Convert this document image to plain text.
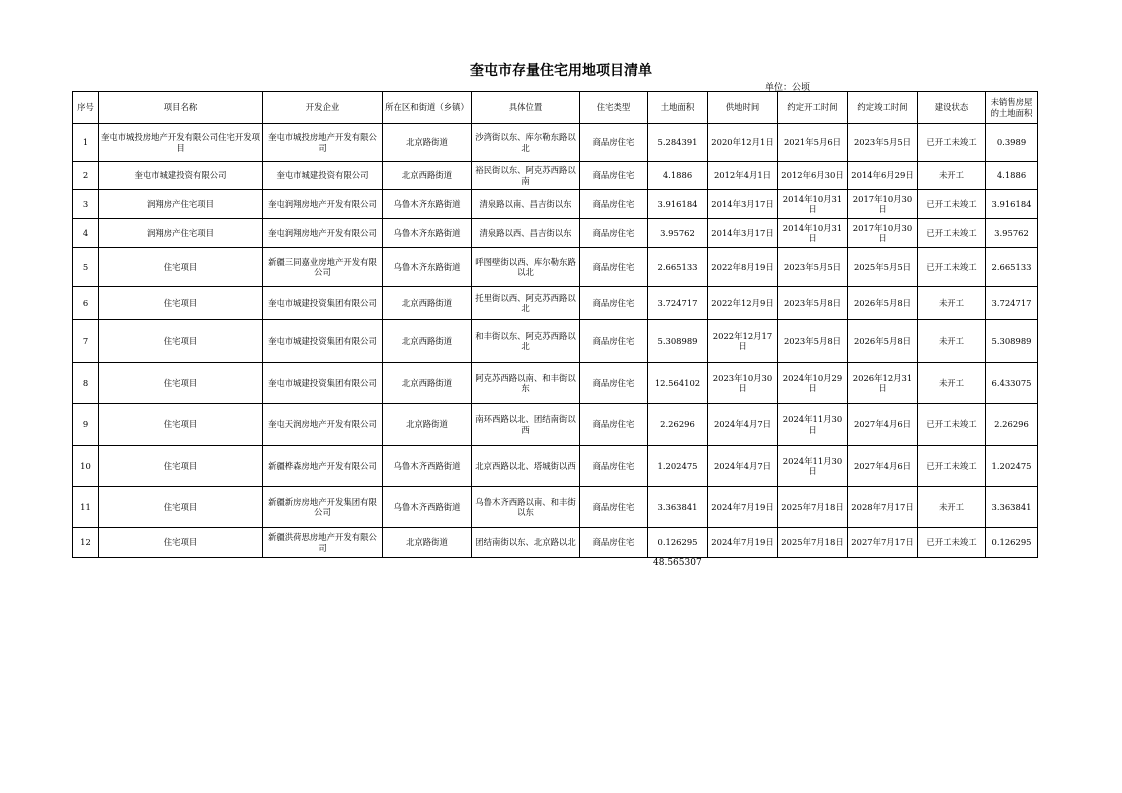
奎屯市存量住宅用地项目清单
单位：公顷
序号	项目名称	开发企业	所在区和街道（乡镇）	具体位置	住宅类型	土地面积	供地时间	约定开工时间	约定竣工时间	建设状态	未销售房屋的土地面积
1	奎屯市城投房地产开发有限公司住宅开发项目	奎屯市城投房地产开发有限公司	北京路街道	沙湾街以东、库尔勒东路以北	商品房住宅	5.284391	2020年12月1日	2021年5月6日	2023年5月5日	已开工未竣工	0.3989
2	奎屯市城建投资有限公司	奎屯市城建投资有限公司	北京西路街道	裕民街以东、阿克苏西路以南	商品房住宅	4.1886	2012年4月1日	2012年6月30日	2014年6月29日	未开工	4.1886
3	润翔房产住宅项目	奎屯润翔房地产开发有限公司	乌鲁木齐东路街道	清泉路以南、昌吉街以东	商品房住宅	3.916184	2014年3月17日	2014年10月31日	2017年10月30日	已开工未竣工	3.916184
4	润翔房产住宅项目	奎屯润翔房地产开发有限公司	乌鲁木齐东路街道	清泉路以西、昌吉街以东	商品房住宅	3.95762	2014年3月17日	2014年10月31日	2017年10月30日	已开工未竣工	3.95762
5	住宅项目	新疆三同嘉业房地产开发有限公司	乌鲁木齐东路街道	呼图壁街以西、库尔勒东路以北	商品房住宅	2.665133	2022年8月19日	2023年5月5日	2025年5月5日	已开工未竣工	2.665133
6	住宅项目	奎屯市城建投资集团有限公司	北京西路街道	托里街以西、阿克苏西路以北	商品房住宅	3.724717	2022年12月9日	2023年5月8日	2026年5月8日	未开工	3.724717
7	住宅项目	奎屯市城建投资集团有限公司	北京西路街道	和丰街以东、阿克苏西路以北	商品房住宅	5.308989	2022年12月17日	2023年5月8日	2026年5月8日	未开工	5.308989
8	住宅项目	奎屯市城建投资集团有限公司	北京西路街道	阿克苏西路以南、和丰街以东	商品房住宅	12.564102	2023年10月30日	2024年10月29日	2026年12月31日	未开工	6.433075
9	住宅项目	奎屯天润房地产开发有限公司	北京路街道	南环西路以北、团结南街以西	商品房住宅	2.26296	2024年4月7日	2024年11月30日	2027年4月6日	已开工未竣工	2.26296
10	住宅项目	新疆桦森房地产开发有限公司	乌鲁木齐西路街道	北京西路以北、塔城街以西	商品房住宅	1.202475	2024年4月7日	2024年11月30日	2027年4月6日	已开工未竣工	1.202475
11	住宅项目	新疆新房房地产开发集团有限公司	乌鲁木齐西路街道	乌鲁木齐西路以南、和丰街以东	商品房住宅	3.363841	2024年7月19日	2025年7月18日	2028年7月17日	未开工	3.363841
12	住宅项目	新疆洪荷思房地产开发有限公司	北京路街道	团结南街以东、北京路以北	商品房住宅	0.126295	2024年7月19日	2025年7月18日	2027年7月17日	已开工未竣工	0.126295
48.565307
